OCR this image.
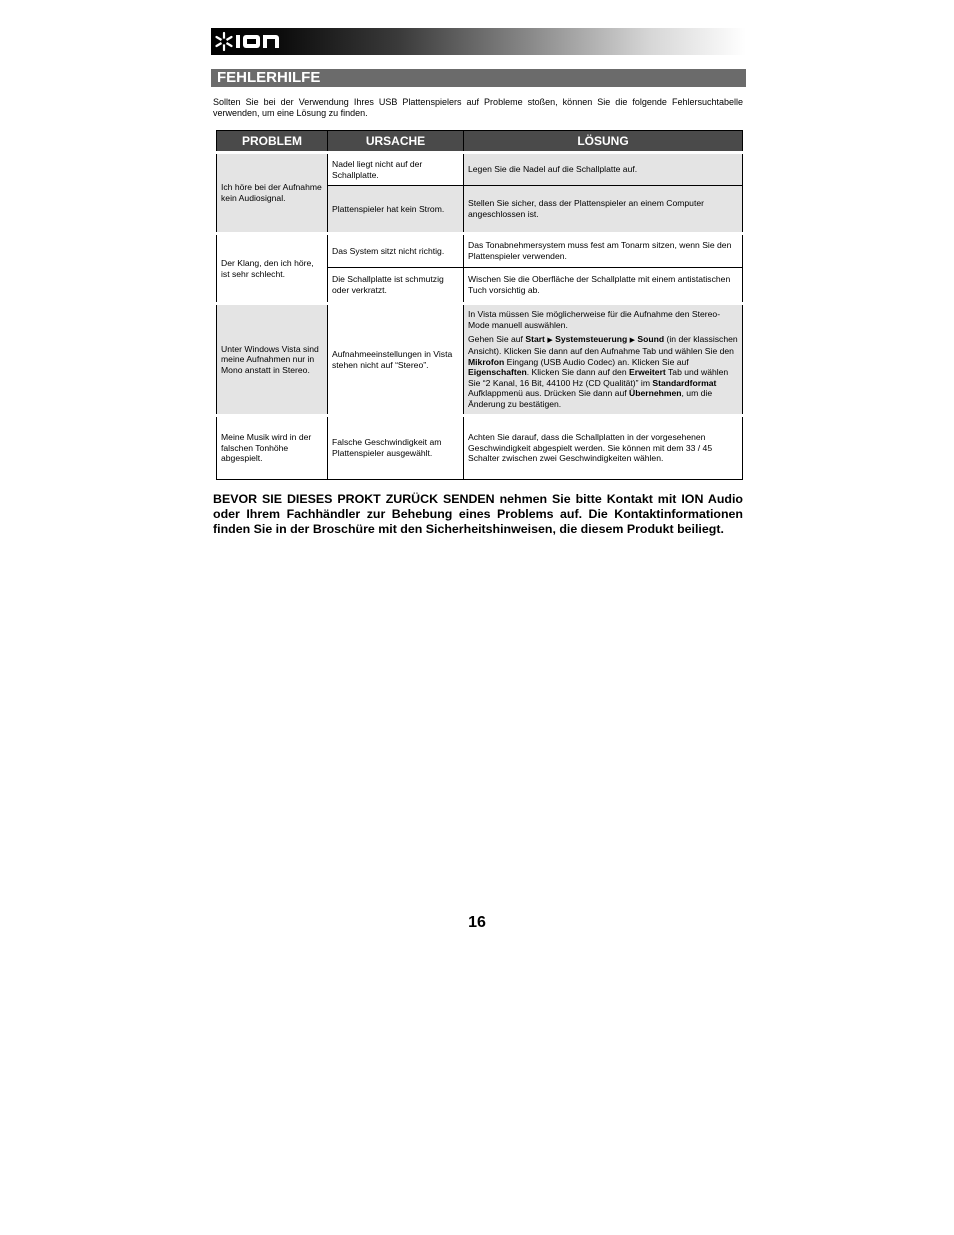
FEHLERHILFE
Sollten Sie bei der Verwendung Ihres USB Plattenspielers auf Probleme stoßen, können Sie die folgende Fehlersuchtabelle verwenden, um eine Lösung zu finden.
PROBLEM	URSACHE	LÖSUNG
Ich höre bei der Aufnahme kein Audiosignal.	Nadel liegt nicht auf der Schallplatte.	Legen Sie die Nadel auf die Schallplatte auf.
	Plattenspieler hat kein Strom.	Stellen Sie sicher, dass der Plattenspieler an einem Computer angeschlossen ist.
Der Klang, den ich höre, ist sehr schlecht.	Das System sitzt nicht richtig.	Das Tonabnehmersystem muss fest am Tonarm sitzen, wenn Sie den Plattenspieler verwenden.
	Die Schallplatte ist schmutzig oder verkratzt.	Wischen Sie die Oberfläche der Schallplatte mit einem antistatischen Tuch vorsichtig ab.
Unter Windows Vista sind meine Aufnahmen nur in Mono anstatt in Stereo.	Aufnahmeeinstellungen in Vista stehen nicht auf “Stereo”.	In Vista müssen Sie möglicherweise für die Aufnahme den Stereo-Mode manuell auswählen.
Gehen Sie auf Start ▶ Systemsteuerung ▶ Sound (in der klassischen Ansicht). Klicken Sie dann auf den Aufnahme Tab und wählen Sie den Mikrofon Eingang (USB Audio Codec) an. Klicken Sie auf Eigenschaften. Klicken Sie dann auf den Erweitert Tab und wählen Sie “2 Kanal, 16 Bit, 44100 Hz (CD Qualität)” im Standardformat Aufklappmenü aus. Drücken Sie dann auf Übernehmen, um die Änderung zu bestätigen.

Meine Musik wird in der falschen Tonhöhe abgespielt.	Falsche Geschwindigkeit am Plattenspieler ausgewählt.	Achten Sie darauf, dass die Schallplatten in der vorgesehenen Geschwindigkeit abgespielt werden. Sie können mit dem 33 / 45 Schalter zwischen zwei Geschwindigkeiten wählen.
BEVOR SIE DIESES PROKT ZURÜCK SENDEN nehmen Sie bitte Kontakt mit ION Audio oder Ihrem Fachhändler zur Behebung eines Problems auf. Die Kontaktinformationen finden Sie in der Broschüre mit den Sicherheitshinweisen, die diesem Produkt beiliegt.
16
